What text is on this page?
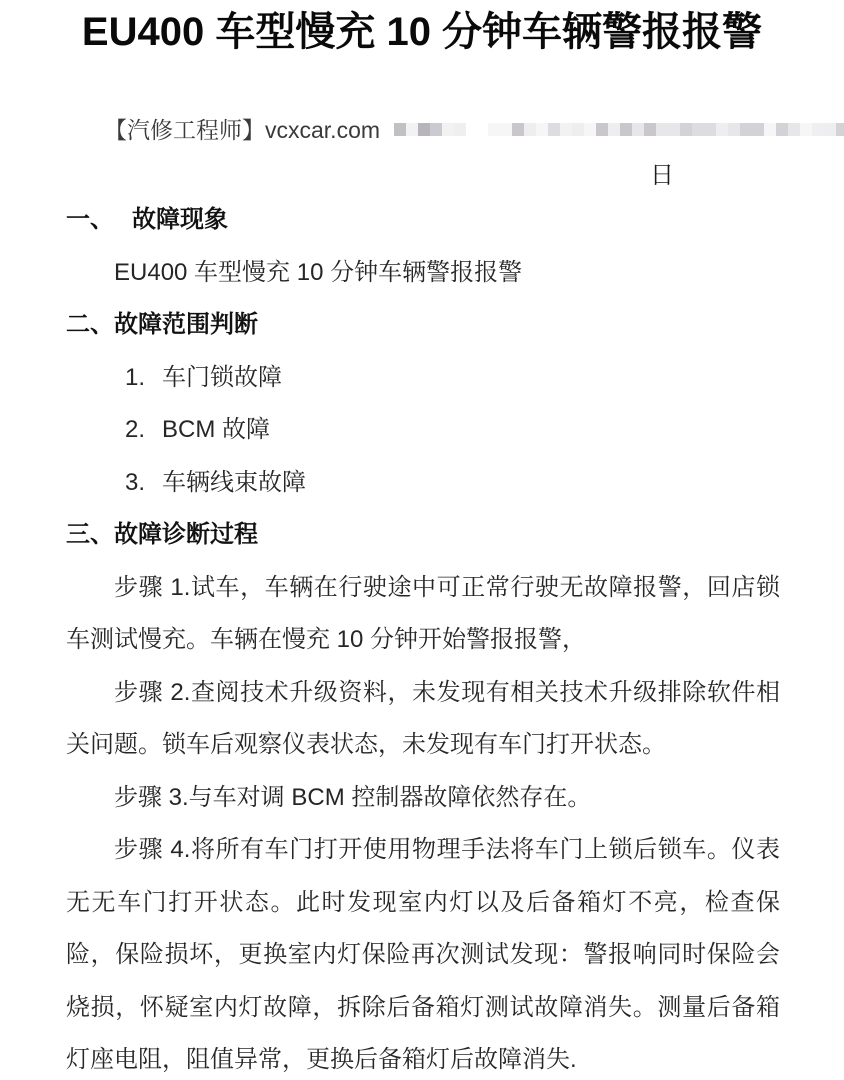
EU400 车型慢充 10 分钟车辆警报报警
【汽修工程师】vcxcar.com
日
一、 故障现象
EU400 车型慢充 10 分钟车辆警报报警
二、故障范围判断
1. 车门锁故障
2. BCM 故障
3. 车辆线束故障
三、故障诊断过程

步骤 1.试车，车辆在行驶途中可正常行驶无故障报警，回店锁车测试慢充。车辆在慢充 10 分钟开始警报报警，

步骤 2.查阅技术升级资料，未发现有相关技术升级排除软件相关问题。锁车后观察仪表状态，未发现有车门打开状态。

步骤 3.与车对调 BCM 控制器故障依然存在。

步骤 4.将所有车门打开使用物理手法将车门上锁后锁车。仪表无无车门打开状态。此时发现室内灯以及后备箱灯不亮，检查保险，保险损坏，更换室内灯保险再次测试发现：警报响同时保险会烧损，怀疑室内灯故障，拆除后备箱灯测试故障消失。测量后备箱灯座电阻，阻值异常，更换后备箱灯后故障消失.
